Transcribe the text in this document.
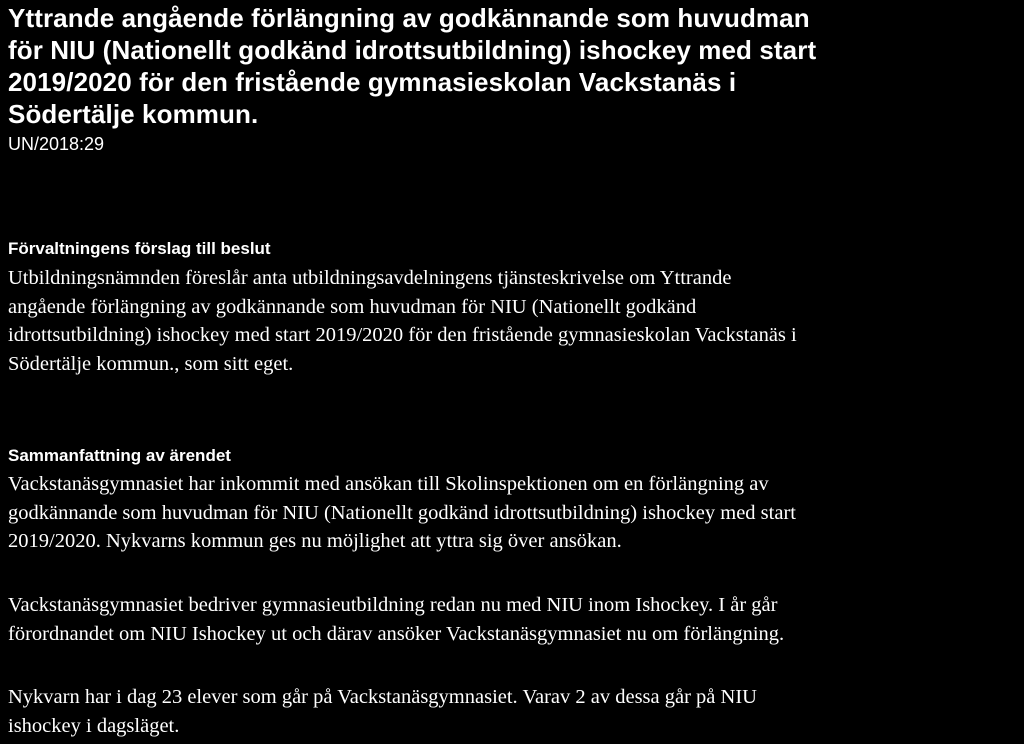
Yttrande angående förlängning av godkännande som huvudman
för NIU (Nationellt godkänd idrottsutbildning) ishockey med start
2019/2020 för den fristående gymnasieskolan Vackstanäs i
Södertälje kommun.
UN/2018:29
Förvaltningens förslag till beslut

Utbildningsnämnden föreslår anta utbildningsavdelningens tjänsteskrivelse om Yttrande
angående förlängning av godkännande som huvudman för NIU (Nationellt godkänd
idrottsutbildning) ishockey med start 2019/2020 för den fristående gymnasieskolan Vackstanäs i
Södertälje kommun., som sitt eget.

Sammanfattning av ärendet

Vackstanäsgymnasiet har inkommit med ansökan till Skolinspektionen om en förlängning av
godkännande som huvudman för NIU (Nationellt godkänd idrottsutbildning) ishockey med start
2019/2020. Nykvarns kommun ges nu möjlighet att yttra sig över ansökan.

Vackstanäsgymnasiet bedriver gymnasieutbildning redan nu med NIU inom Ishockey. I år går
förordnandet om NIU Ishockey ut och därav ansöker Vackstanäsgymnasiet nu om förlängning.

Nykvarn har i dag 23 elever som går på Vackstanäsgymnasiet. Varav 2 av dessa går på NIU
ishockey i dagsläget.
